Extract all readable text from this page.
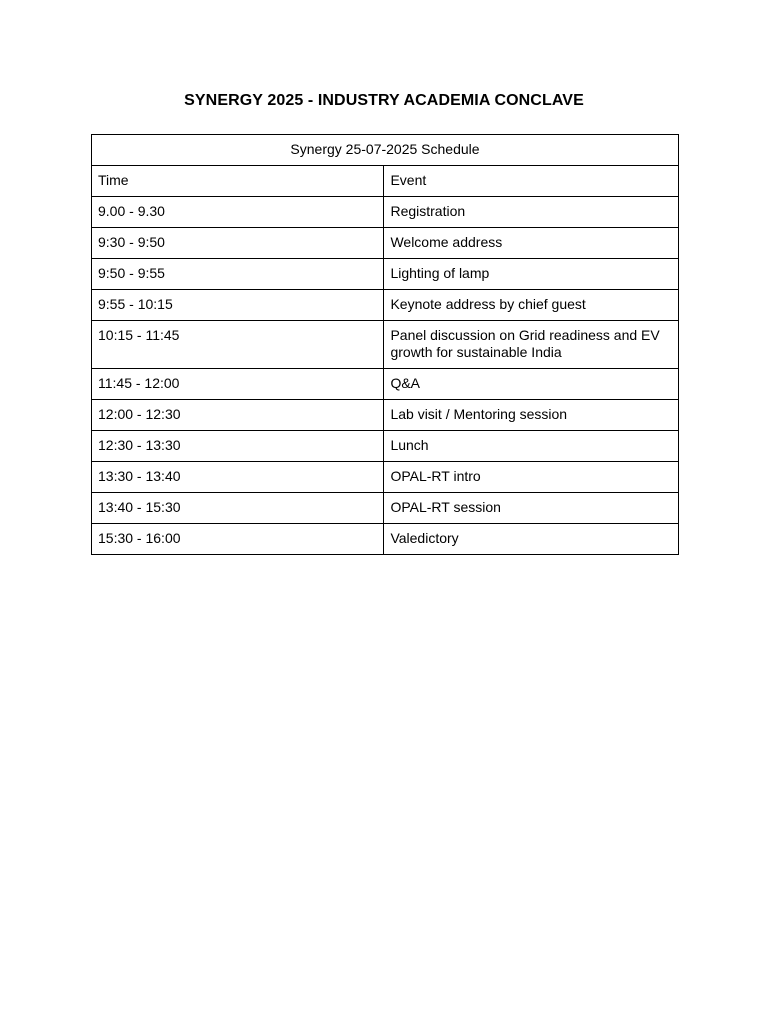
SYNERGY 2025 - INDUSTRY ACADEMIA CONCLAVE
Synergy 25-07-2025 Schedule	
Time	Event
9.00 - 9.30	Registration
9:30 - 9:50	Welcome address
9:50 - 9:55	Lighting of lamp
9:55 - 10:15	Keynote address by chief guest
10:15 - 11:45	Panel discussion on Grid readiness and EV growth for sustainable India
11:45 - 12:00	Q&A
12:00 - 12:30	Lab visit / Mentoring session
12:30 - 13:30	Lunch
13:30 - 13:40	OPAL-RT intro
13:40 - 15:30	OPAL-RT session
15:30 - 16:00	Valedictory
